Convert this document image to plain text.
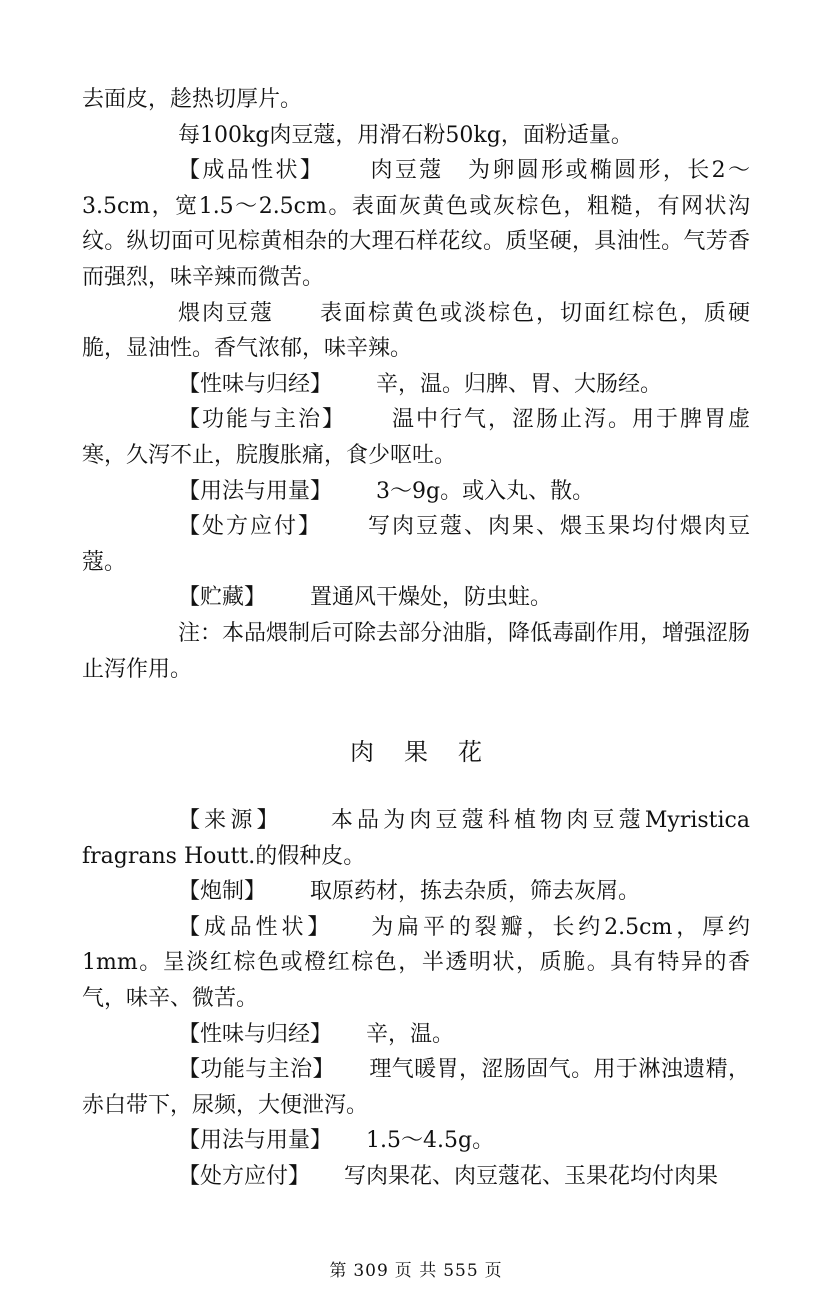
去面皮，趁热切厚片。

每100kg肉豆蔻，用滑石粉50kg，面粉适量。

【成品性状】 肉豆蔻　为卵圆形或椭圆形，长2～3.5cm，宽1.5～2.5cm。表面灰黄色或灰棕色，粗糙，有网状沟纹。纵切面可见棕黄相杂的大理石样花纹。质坚硬，具油性。气芳香而强烈，味辛辣而微苦。

煨肉豆蔻 表面棕黄色或淡棕色，切面红棕色，质硬脆，显油性。香气浓郁，味辛辣。

【性味与归经】 辛，温。归脾、胃、大肠经。

【功能与主治】 温中行气，涩肠止泻。用于脾胃虚寒，久泻不止，脘腹胀痛，食少呕吐。

【用法与用量】 3～9g。或入丸、散。

【处方应付】 写肉豆蔻、肉果、煨玉果均付煨肉豆蔻。

【贮藏】 置通风干燥处，防虫蛀。

注：本品煨制后可除去部分油脂，降低毒副作用，增强涩肠止泻作用。

肉果花

【来源】 本品为肉豆蔻科植物肉豆蔻Myristica fragrans Houtt.的假种皮。

【炮制】 取原药材，拣去杂质，筛去灰屑。

【成品性状】 为扁平的裂瓣，长约2.5cm，厚约1mm。呈淡红棕色或橙红棕色，半透明状，质脆。具有特异的香气，味辛、微苦。

【性味与归经】 辛，温。

【功能与主治】 理气暖胃，涩肠固气。用于淋浊遗精，赤白带下，尿频，大便泄泻。

【用法与用量】 1.5～4.5g。

【处方应付】 写肉果花、肉豆蔻花、玉果花均付肉果

第 309 页 共 555 页
